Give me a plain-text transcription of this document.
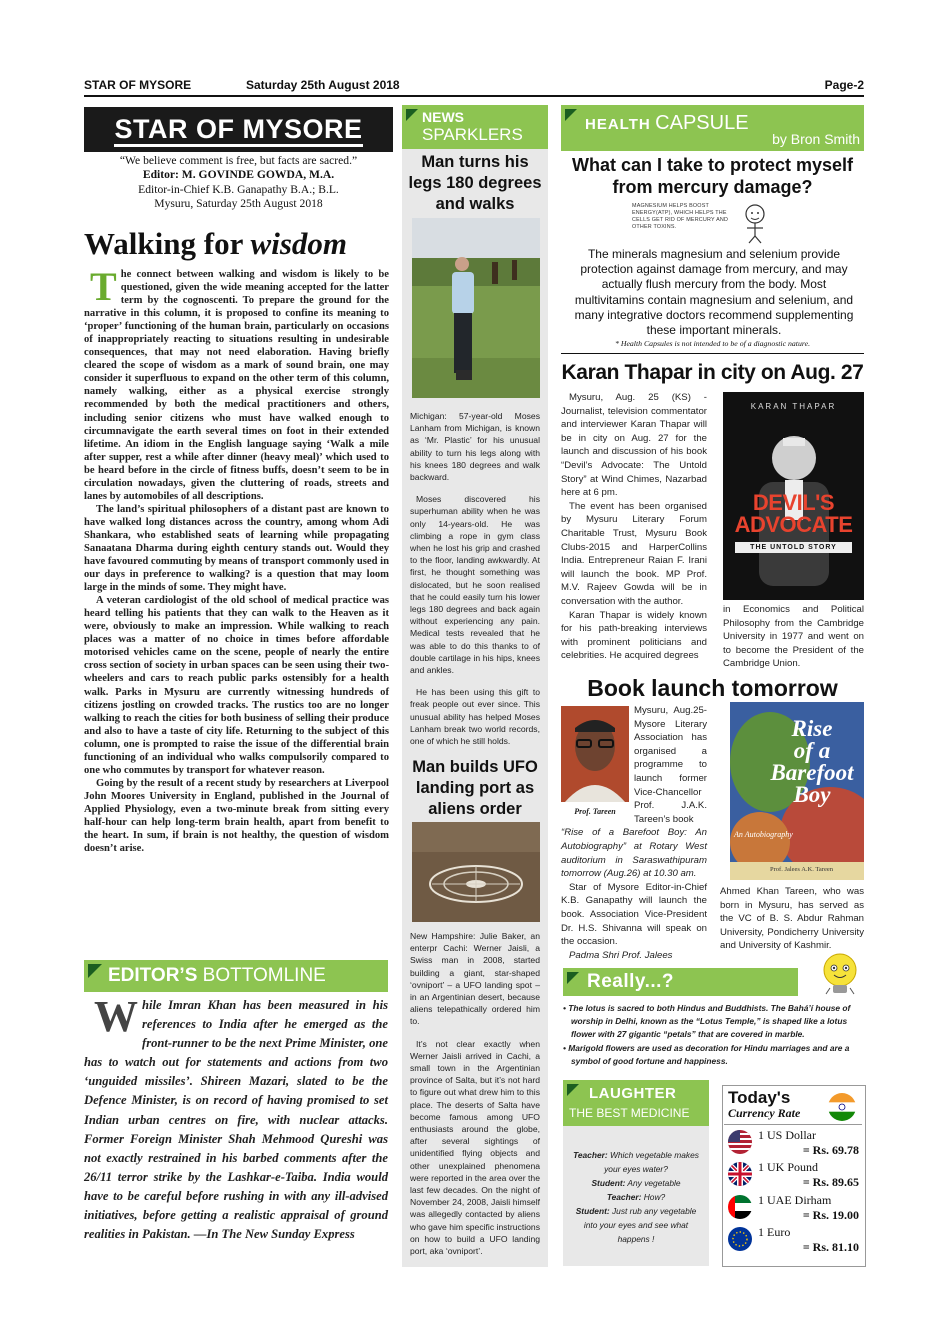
STAR OF MYSORE	Saturday 25th August 2018	Page-2
STAR OF MYSORE
“We believe comment is free, but facts are sacred.”
Editor: M. GOVINDE GOWDA, M.A.
Editor-in-Chief K.B. Ganapathy B.A.; B.L.
Mysuru, Saturday 25th August 2018
Walking for wisdom

The connect between walking and wisdom is likely to be questioned, given the wide meaning accepted for the latter term by the cognoscenti. To prepare the ground for the narrative in this column, it is proposed to confine its meaning to ‘proper’ functioning of the human brain, particularly on occasions of inappropriately reacting to situations resulting in undesirable consequences, that may not need elaboration. Having briefly cleared the scope of wisdom as a mark of sound brain, one may consider it superfluous to expand on the other term of this column, namely walking, either as a physical exercise strongly recommended by both the medical practitioners and others, including senior citizens who must have walked enough to circumnavigate the earth several times on foot in their extended lifetime. An idiom in the English language saying ‘Walk a mile after supper, rest a while after dinner (heavy meal)’ which used to be heard before in the circle of fitness buffs, doesn’t seem to be in circulation nowadays, given the cluttering of roads, streets and lanes by automobiles of all descriptions.

The land’s spiritual philosophers of a distant past are known to have walked long distances across the country, among whom Adi Shankara, who established seats of learning while propagating Sanaatana Dharma during eighth century stands out. Would they have favoured commuting by means of transport commonly used in our days in preference to walking? is a question that may loom large in the minds of some. They might have.

A veteran cardiologist of the old school of medical practice was heard telling his patients that they can walk to the Heaven as it were, obviously to make an impression. While walking to reach places was a matter of no choice in times before affordable motorised vehicles came on the scene, people of nearly the entire cross section of society in urban spaces can be seen using their two-wheelers and cars to reach public parks ostensibly for a health walk. Parks in Mysuru are currently witnessing hundreds of citizens jostling on crowded tracks. The rustics too are no longer walking to reach the cities for both business of selling their produce and also to have a taste of city life. Returning to the subject of this column, one is prompted to raise the issue of the differential brain functioning of an individual who walks compulsorily compared to one who commutes by transport for whatever reason.

Going by the result of a recent study by researchers at Liverpool John Moores University in England, published in the Journal of Applied Physiology, even a two-minute break from sitting every half-hour can help long-term brain health, apart from benefit to the heart. In sum, if brain is not healthy, the question of wisdom doesn’t arise.

EDITOR’S BOTTOMLINE
While Imran Khan has been measured in his references to India after he emerged as the front-runner to be the next Prime Minister, one has to watch out for statements and actions from two ‘unguided missiles’. Shireen Mazari, slated to be the Defence Minister, is on record of having promised to set Indian urban centres on fire, with nuclear attacks. Former Foreign Minister Shah Mehmood Qureshi was not exactly restrained in his barbed comments after the 26/11 terror strike by the Lashkar-e-Taiba. India would have to be careful before rushing in with any ill-advised initiatives, before getting a realistic appraisal of ground realities in Pakistan. —In The New Sunday Express
NEWS
SPARKLERS
Man turns his legs 180 degrees and walks

Michigan: 57-year-old Moses Lanham from Michigan, is known as ‘Mr. Plastic’ for his unusual ability to turn his legs along with his knees 180 degrees and walk backward.

Moses discovered his superhuman ability when he was only 14-years-old. He was climbing a rope in gym class when he lost his grip and crashed to the floor, landing awkwardly. At first, he thought something was dislocated, but he soon realised that he could easily turn his lower legs 180 degrees and back again without experiencing any pain. Medical tests revealed that he was able to do this thanks to of double cartilage in his hips, knees and ankles.

He has been using this gift to freak people out ever since. This unusual ability has helped Moses Lanham break two world records, one of which he still holds.

Man builds UFO landing port as aliens order

New Hampshire: Julie Baker, an enterpr Cachi: Werner Jaisli, a Swiss man in 2008, started building a giant, star-shaped ‘ovniport’ – a UFO landing spot – in an Argentinian desert, because aliens telepathically ordered him to.

It’s not clear exactly when Werner Jaisli arrived in Cachi, a small town in the Argentinian province of Salta, but it’s not hard to figure out what drew him to this place. The deserts of Salta have become famous among UFO enthusiasts around the globe, after several sightings of unidentified flying objects and other unexplained phenomena were reported in the area over the last few decades. On the night of November 24, 2008, Jaisli himself was allegedly contacted by aliens who gave him specific instructions on how to build a UFO landing port, aka ‘ovniport’.

HEALTH CAPSULE
by Bron Smith
What can I take to protect myself from mercury damage?
MAGNESIUM HELPS BOOST ENERGY(ATP), WHICH HELPS THE CELLS GET RID OF MERCURY AND OTHER TOXINS.
The minerals magnesium and selenium provide protection against damage from mercury, and may actually flush mercury from the body. Most multivitamins contain magnesium and selenium, and many integrative doctors recommend supplementing these important minerals.
* Health Capsules is not intended to be of a diagnostic nature.
Karan Thapar in city on Aug. 27

Mysuru, Aug. 25 (KS) - Journalist, television commentator and interviewer Karan Thapar will be in city on Aug. 27 for the launch and discussion of his book “Devil’s Advocate: The Untold Story” at Wind Chimes, Nazarbad here at 6 pm.

The event has been organised by Mysuru Literary Forum Charitable Trust, Mysuru Book Clubs-2015 and HarperCollins India. Entrepreneur Raian F. Irani will launch the book. MP Prof. M.V. Rajeev Gowda will be in conversation with the author.

Karan Thapar is widely known for his path-breaking interviews with prominent politicians and celebrities. He acquired degrees

KARAN THAPAR
DEVIL'S
ADVOCATE
THE UNTOLD STORY
in Economics and Political Philosophy from the Cambridge University in 1977 and went on to become the President of the Cambridge Union.
Book launch tomorrow
Prof. Tareen

Mysuru, Aug.25- Mysore Literary Association has organised a programme to launch former Vice-Chancellor Prof. J.A.K. Tareen’s book

“Rise of a Barefoot Boy: An Autobiography” at Rotary West auditorium in Saraswathipuram tomorrow (Aug.26) at 10.30 am.

Star of Mysore Editor-in-Chief K.B. Ganapathy will launch the book. Association Vice-President Dr. H.S. Shivanna will speak on the occasion.

Padma Shri Prof. Jalees

Rise
of a
Barefoot
Boy
An Autobiography
Prof. Jalees A.K. Tareen
Ahmed Khan Tareen, who was born in Mysuru, has served as the VC of B. S. Abdur Rahman University, Pondicherry University and University of Kashmir.
Really...?
• The lotus is sacred to both Hindus and Buddhists. The Bahá’í house of worship in Delhi, known as the “Lotus Temple,” is shaped like a lotus flower with 27 gigantic “petals” that are covered in marble.
• Marigold flowers are used as decoration for Hindu marriages and are a symbol of good fortune and happiness.
LAUGHTER
THE BEST MEDICINE
Teacher: Which vegetable makes your eyes water?
Student: Any vegetable
Teacher: How?
Student: Just rub any vegetable into your eyes and see what happens !
Today's
Currency Rate
1 US Dollar
= Rs. 69.78
1 UK Pound
= Rs. 89.65
1 UAE Dirham
= Rs. 19.00
1 Euro
= Rs. 81.10
